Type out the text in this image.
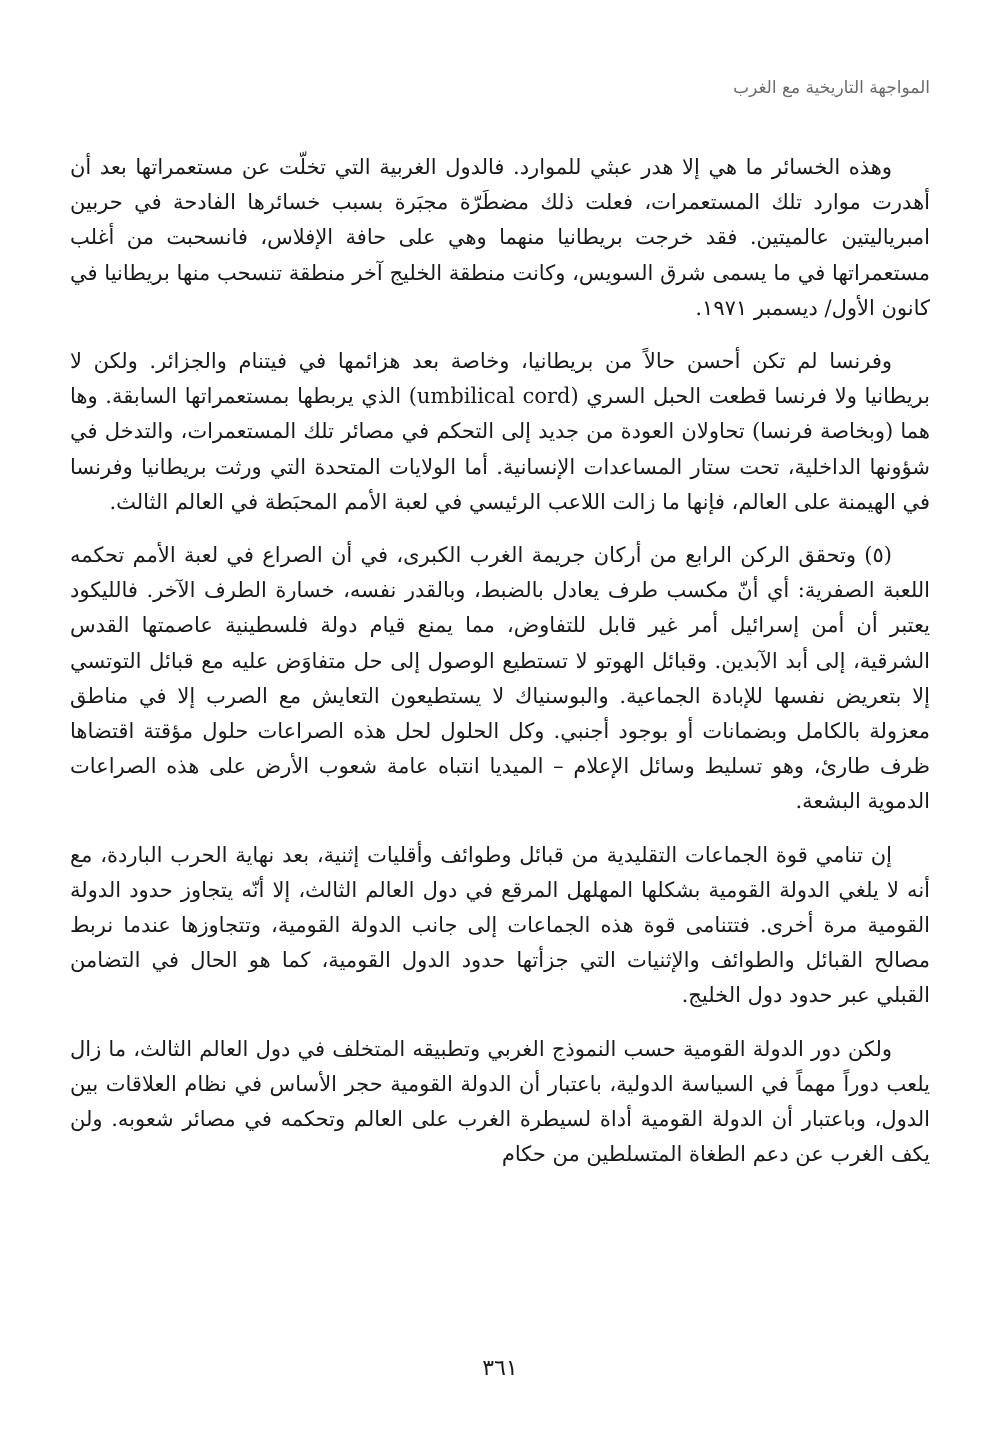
المواجهة التاريخية مع الغرب

وهذه الخسائر ما هي إلا هدر عبثي للموارد. فالدول الغربية التي تخلّت عن مستعمراتها بعد أن أهدرت موارد تلك المستعمرات، فعلت ذلك مضطَرّة مجبَرة بسبب خسائرها الفادحة في حربين امبرياليتين عالميتين. فقد خرجت بريطانيا منهما وهي على حافة الإفلاس، فانسحبت من أغلب مستعمراتها في ما يسمى شرق السويس، وكانت منطقة الخليج آخر منطقة تنسحب منها بريطانيا في كانون الأول/ ديسمبر ١٩٧١.

وفرنسا لم تكن أحسن حالاً من بريطانيا، وخاصة بعد هزائمها في فيتنام والجزائر. ولكن لا بريطانيا ولا فرنسا قطعت الحبل السري (umbilical cord) الذي يربطها بمستعمراتها السابقة. وها هما (وبخاصة فرنسا) تحاولان العودة من جديد إلى التحكم في مصائر تلك المستعمرات، والتدخل في شؤونها الداخلية، تحت ستار المساعدات الإنسانية. أما الولايات المتحدة التي ورثت بريطانيا وفرنسا في الهيمنة على العالم، فإنها ما زالت اللاعب الرئيسي في لعبة الأمم المحبَطة في العالم الثالث.

(٥) وتحقق الركن الرابع من أركان جريمة الغرب الكبرى، في أن الصراع في لعبة الأمم تحكمه اللعبة الصفرية: أي أنّ مكسب طرف يعادل بالضبط، وبالقدر نفسه، خسارة الطرف الآخر. فالليكود يعتبر أن أمن إسرائيل أمر غير قابل للتفاوض، مما يمنع قيام دولة فلسطينية عاصمتها القدس الشرقية، إلى أبد الآبدين. وقبائل الهوتو لا تستطيع الوصول إلى حل متفاوَض عليه مع قبائل التوتسي إلا بتعريض نفسها للإبادة الجماعية. والبوسنياك لا يستطيعون التعايش مع الصرب إلا في مناطق معزولة بالكامل وبضمانات أو بوجود أجنبي. وكل الحلول لحل هذه الصراعات حلول مؤقتة اقتضاها ظرف طارئ، وهو تسليط وسائل الإعلام – الميديا انتباه عامة شعوب الأرض على هذه الصراعات الدموية البشعة.

إن تنامي قوة الجماعات التقليدية من قبائل وطوائف وأقليات إثنية، بعد نهاية الحرب الباردة، مع أنه لا يلغي الدولة القومية بشكلها المهلهل المرقع في دول العالم الثالث، إلا أنّه يتجاوز حدود الدولة القومية مرة أخرى. فتتنامى قوة هذه الجماعات إلى جانب الدولة القومية، وتتجاوزها عندما نربط مصالح القبائل والطوائف والإثنيات التي جزأتها حدود الدول القومية، كما هو الحال في التضامن القبلي عبر حدود دول الخليج.

ولكن دور الدولة القومية حسب النموذج الغربي وتطبيقه المتخلف في دول العالم الثالث، ما زال يلعب دوراً مهماً في السياسة الدولية، باعتبار أن الدولة القومية حجر الأساس في نظام العلاقات بين الدول، وباعتبار أن الدولة القومية أداة لسيطرة الغرب على العالم وتحكمه في مصائر شعوبه. ولن يكف الغرب عن دعم الطغاة المتسلطين من حكام

٣٦١
